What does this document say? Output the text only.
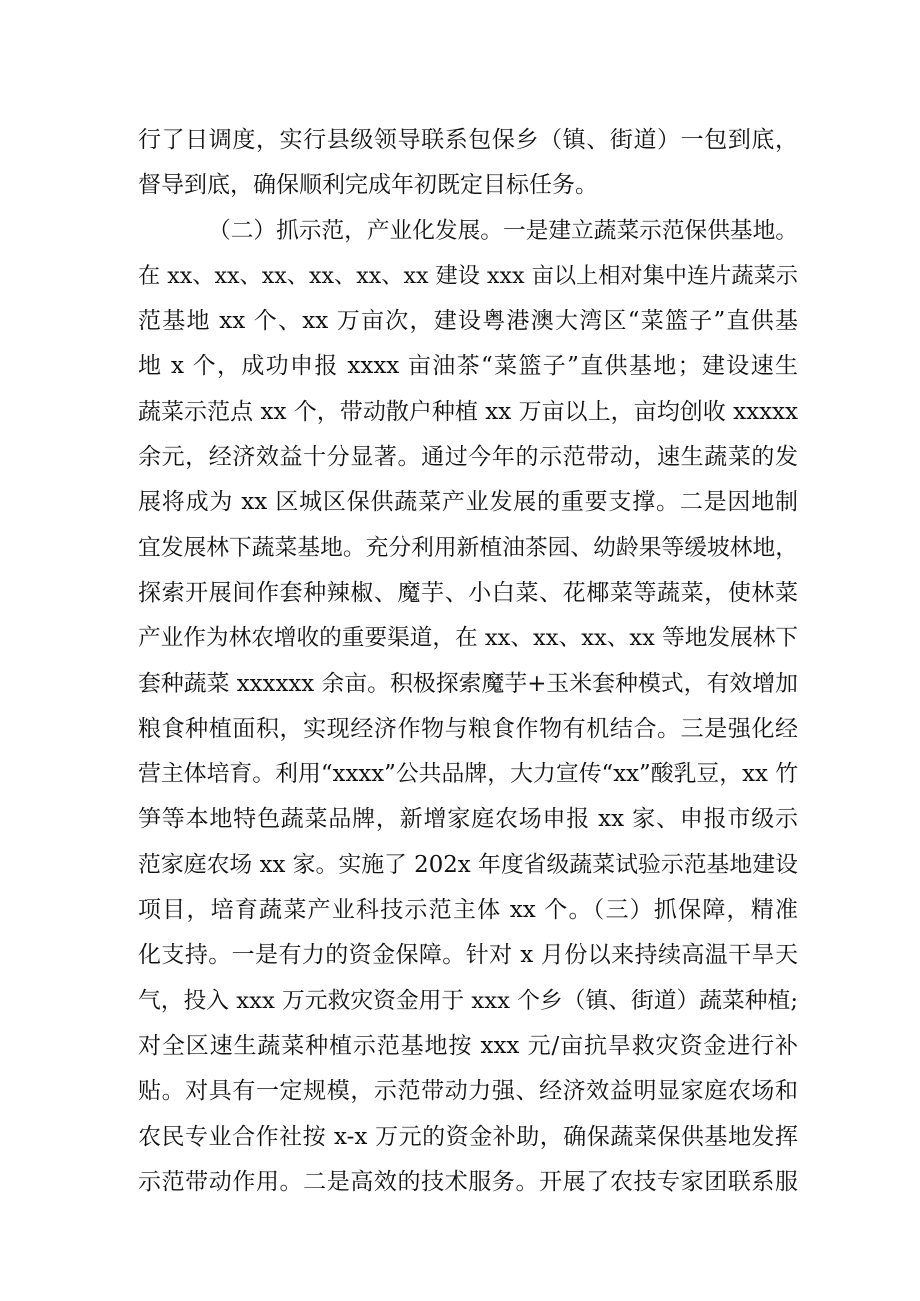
行了日调度，实行县级领导联系包保乡（镇、街道）一包到底，
督导到底，确保顺利完成年初既定目标任务。
（二）抓示范，产业化发展。一是建立蔬菜示范保供基地。
在 xx、xx、xx、xx、xx、xx 建设 xxx 亩以上相对集中连片蔬菜示
范基地 xx 个、xx 万亩次，建设粤港澳大湾区“菜篮子”直供基
地 x 个，成功申报 xxxx 亩油茶“菜篮子”直供基地；建设速生
蔬菜示范点 xx 个，带动散户种植 xx 万亩以上，亩均创收 xxxxx
余元，经济效益十分显著。通过今年的示范带动，速生蔬菜的发
展将成为 xx 区城区保供蔬菜产业发展的重要支撑。二是因地制
宜发展林下蔬菜基地。充分利用新植油茶园、幼龄果等缓坡林地，
探索开展间作套种辣椒、魔芋、小白菜、花椰菜等蔬菜，使林菜
产业作为林农增收的重要渠道，在 xx、xx、xx、xx 等地发展林下
套种蔬菜 xxxxxx 余亩。积极探索魔芋+玉米套种模式，有效增加
粮食种植面积，实现经济作物与粮食作物有机结合。三是强化经
营主体培育。利用“xxxx”公共品牌，大力宣传“xx”酸乳豆，xx 竹
笋等本地特色蔬菜品牌，新增家庭农场申报 xx 家、申报市级示
范家庭农场 xx 家。实施了 202x 年度省级蔬菜试验示范基地建设
项目，培育蔬菜产业科技示范主体 xx 个。（三）抓保障，精准
化支持。一是有力的资金保障。针对 x 月份以来持续高温干旱天
气，投入 xxx 万元救灾资金用于 xxx 个乡（镇、街道）蔬菜种植;
对全区速生蔬菜种植示范基地按 xxx 元/亩抗旱救灾资金进行补
贴。对具有一定规模，示范带动力强、经济效益明显家庭农场和
农民专业合作社按 x-x 万元的资金补助，确保蔬菜保供基地发挥
示范带动作用。二是高效的技术服务。开展了农技专家团联系服
